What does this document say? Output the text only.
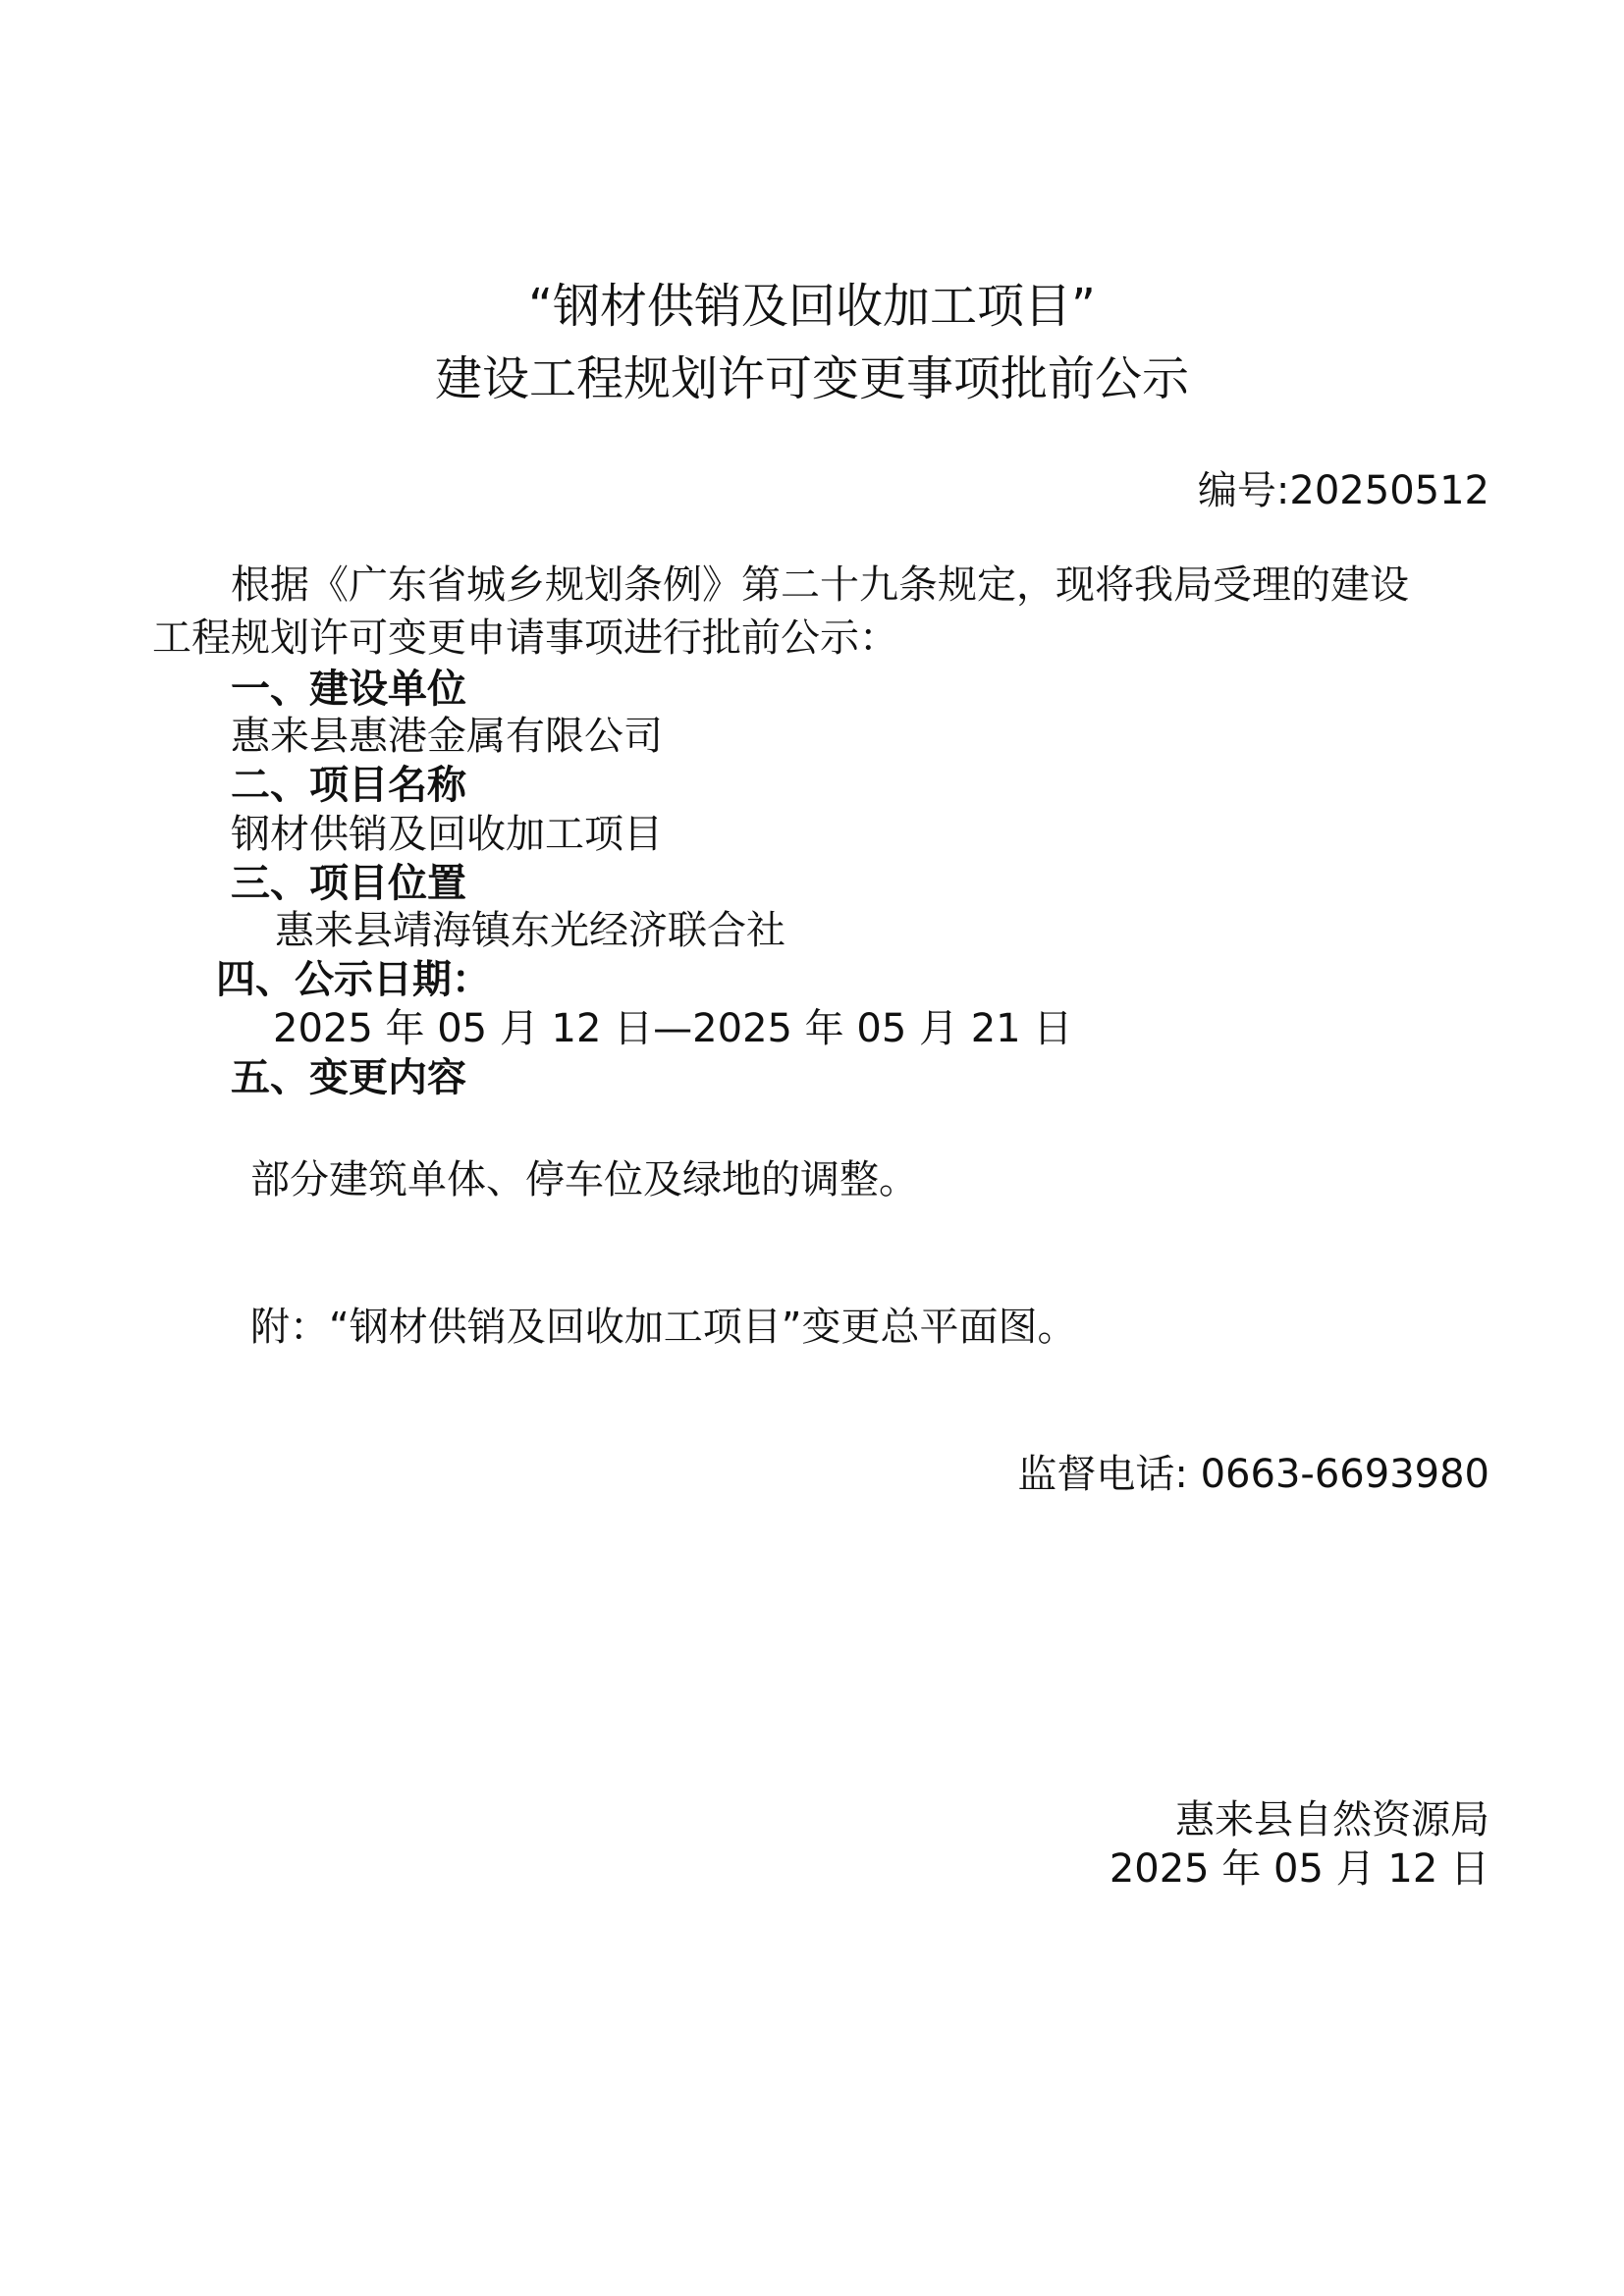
“钢材供销及回收加工项目”
建设工程规划许可变更事项批前公示
编号:20250512
根据《广东省城乡规划条例》第二十九条规定，现将我局受理的建设
工程规划许可变更申请事项进行批前公示：
一、建设单位
惠来县惠港金属有限公司
二、项目名称
钢材供销及回收加工项目
三、项目位置
惠来县靖海镇东光经济联合社
四、公示日期：
2025 年 05 月 12 日—2025 年 05 月 21 日
五、变更内容
部分建筑单体、停车位及绿地的调整。
附：“钢材供销及回收加工项目”变更总平面图。
监督电话: 0663-6693980
惠来县自然资源局
2025 年 05 月 12 日
